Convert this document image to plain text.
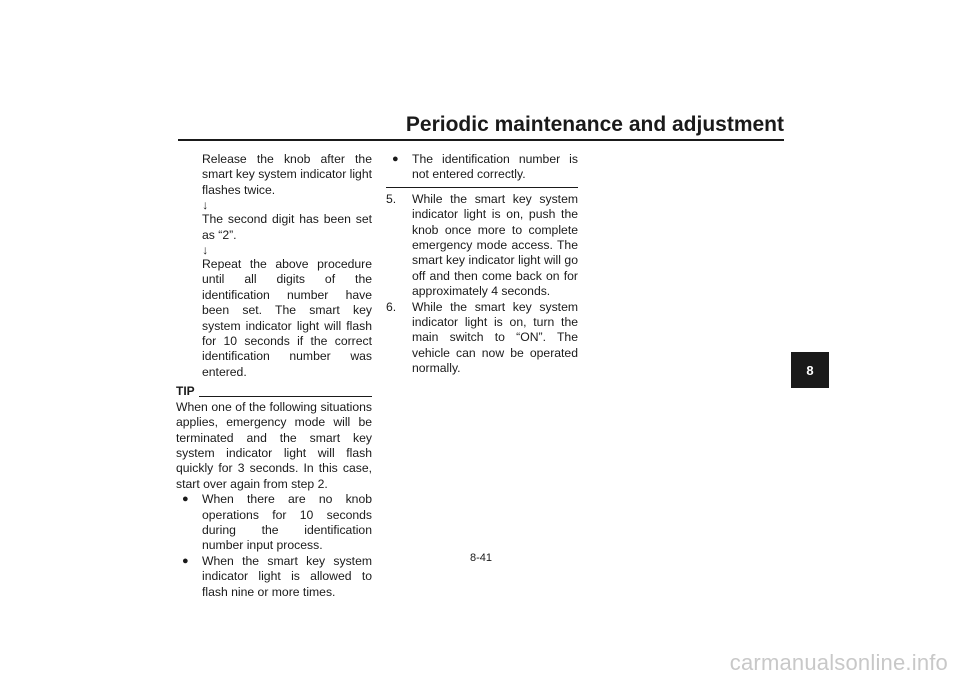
Periodic maintenance and adjustment

Release the knob after the smart key system indicator light flashes twice.

↓

The second digit has been set as “2”.

↓

Repeat the above procedure until all digits of the identification number have been set. The smart key system indicator light will flash for 10 seconds if the correct identification number was entered.

TIP

When one of the following situations applies, emergency mode will be terminated and the smart key system indicator light will flash quickly for 3 seconds. In this case, start over again from step 2.

●	When there are no knob operations for 10 seconds during the identification number input process.
●	When the smart key system indicator light is allowed to flash nine or more times.
●	The identification number is not entered correctly.
5.	While the smart key system indicator light is on, push the knob once more to complete emergency mode access. The smart key indicator light will go off and then come back on for approximately 4 seconds.
6.	While the smart key system indicator light is on, turn the main switch to “ON”. The vehicle can now be operated normally.	8
8-41
carmanualsonline.info
